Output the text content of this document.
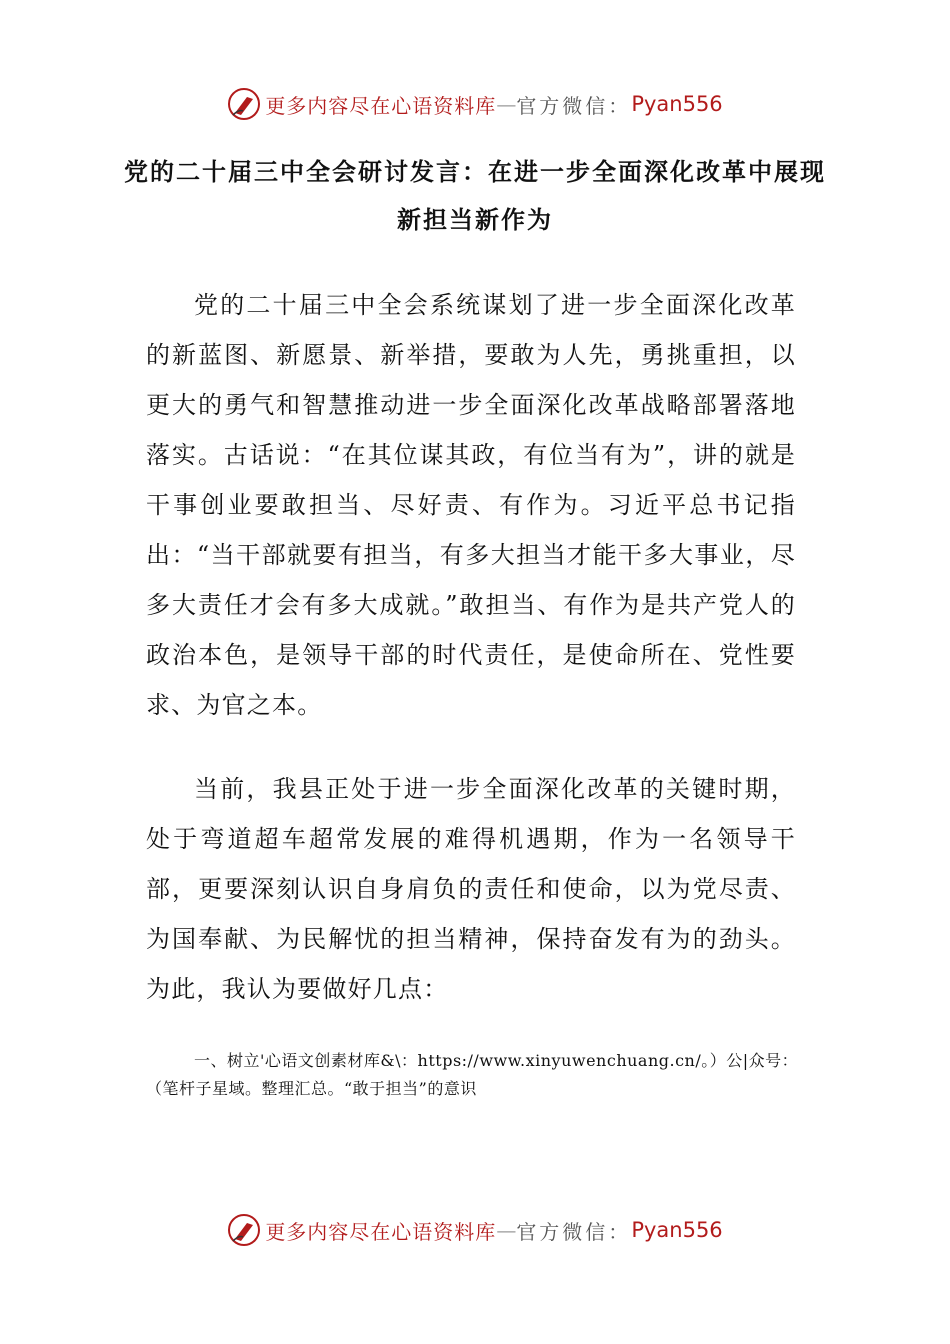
更多内容尽在心语资料库 — 官方微信： Pyan556
党的二十届三中全会研讨发言：在进一步全面深化改革中展现新担当新作为
党的二十届三中全会系统谋划了进一步全面深化改革的新蓝图、新愿景、新举措，要敢为人先，勇挑重担，以更大的勇气和智慧推动进一步全面深化改革战略部署落地落实。古话说：“在其位谋其政，有位当有为”，讲的就是干事创业要敢担当、尽好责、有作为。习近平总书记指出：“当干部就要有担当，有多大担当才能干多大事业，尽多大责任才会有多大成就。”敢担当、有作为是共产党人的政治本色，是领导干部的时代责任，是使命所在、党性要求、为官之本。
当前，我县正处于进一步全面深化改革的关键时期，处于弯道超车超常发展的难得机遇期，作为一名领导干部，更要深刻认识自身肩负的责任和使命，以为党尽责、为国奉献、为民解忧的担当精神，保持奋发有为的劲头。为此，我认为要做好几点：
一、树立'心语文创素材库&\：https://www.xinyuwenchuang.cn/。）公|众号：（笔杆子星域。整理汇总。“敢于担当”的意识
更多内容尽在心语资料库 — 官方微信： Pyan556
